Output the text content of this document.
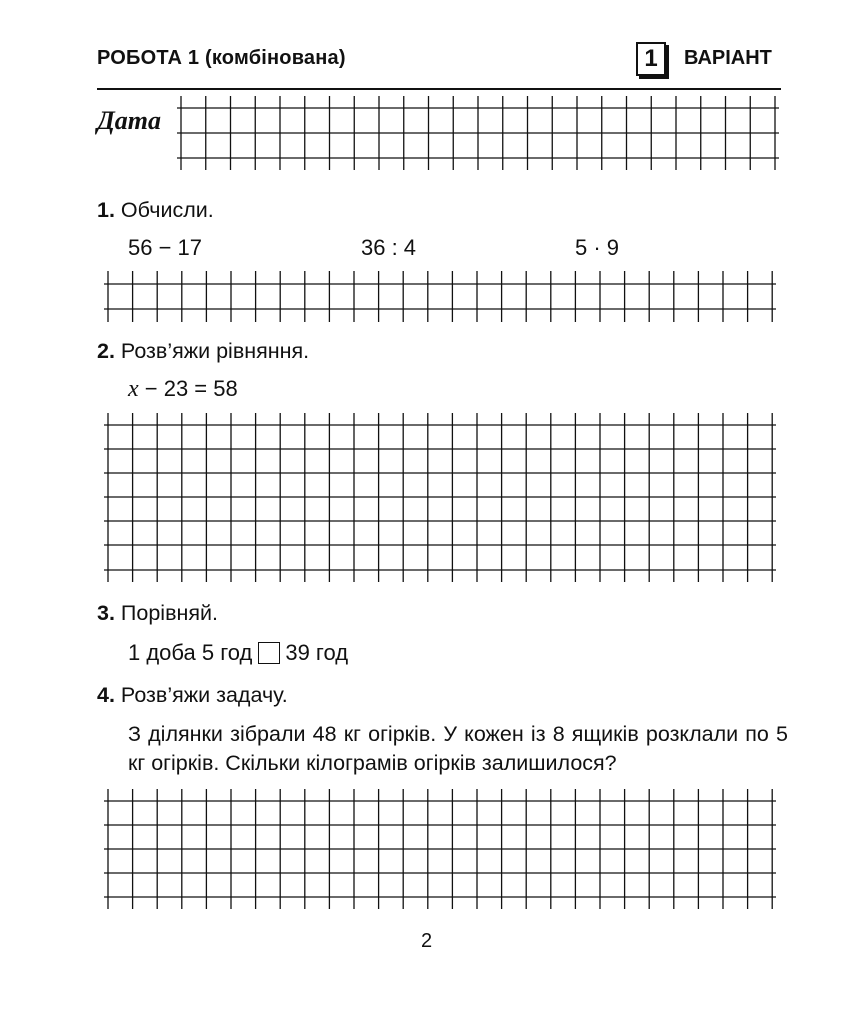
РОБОТА 1 (комбінована)	1	ВАРІАНТ
Дата
1. Обчисли.
56 − 17	36 : 4	5 · 9
2. Розв’яжи рівняння.
x − 23 = 58
3. Порівняй.
1 доба 5 год 39 год
4. Розв’яжи задачу.
З ділянки зібрали 48 кг огірків. У кожен із 8 ящиків розклали по 5 кг огірків. Скільки кілограмів огірків залишилося?
2
